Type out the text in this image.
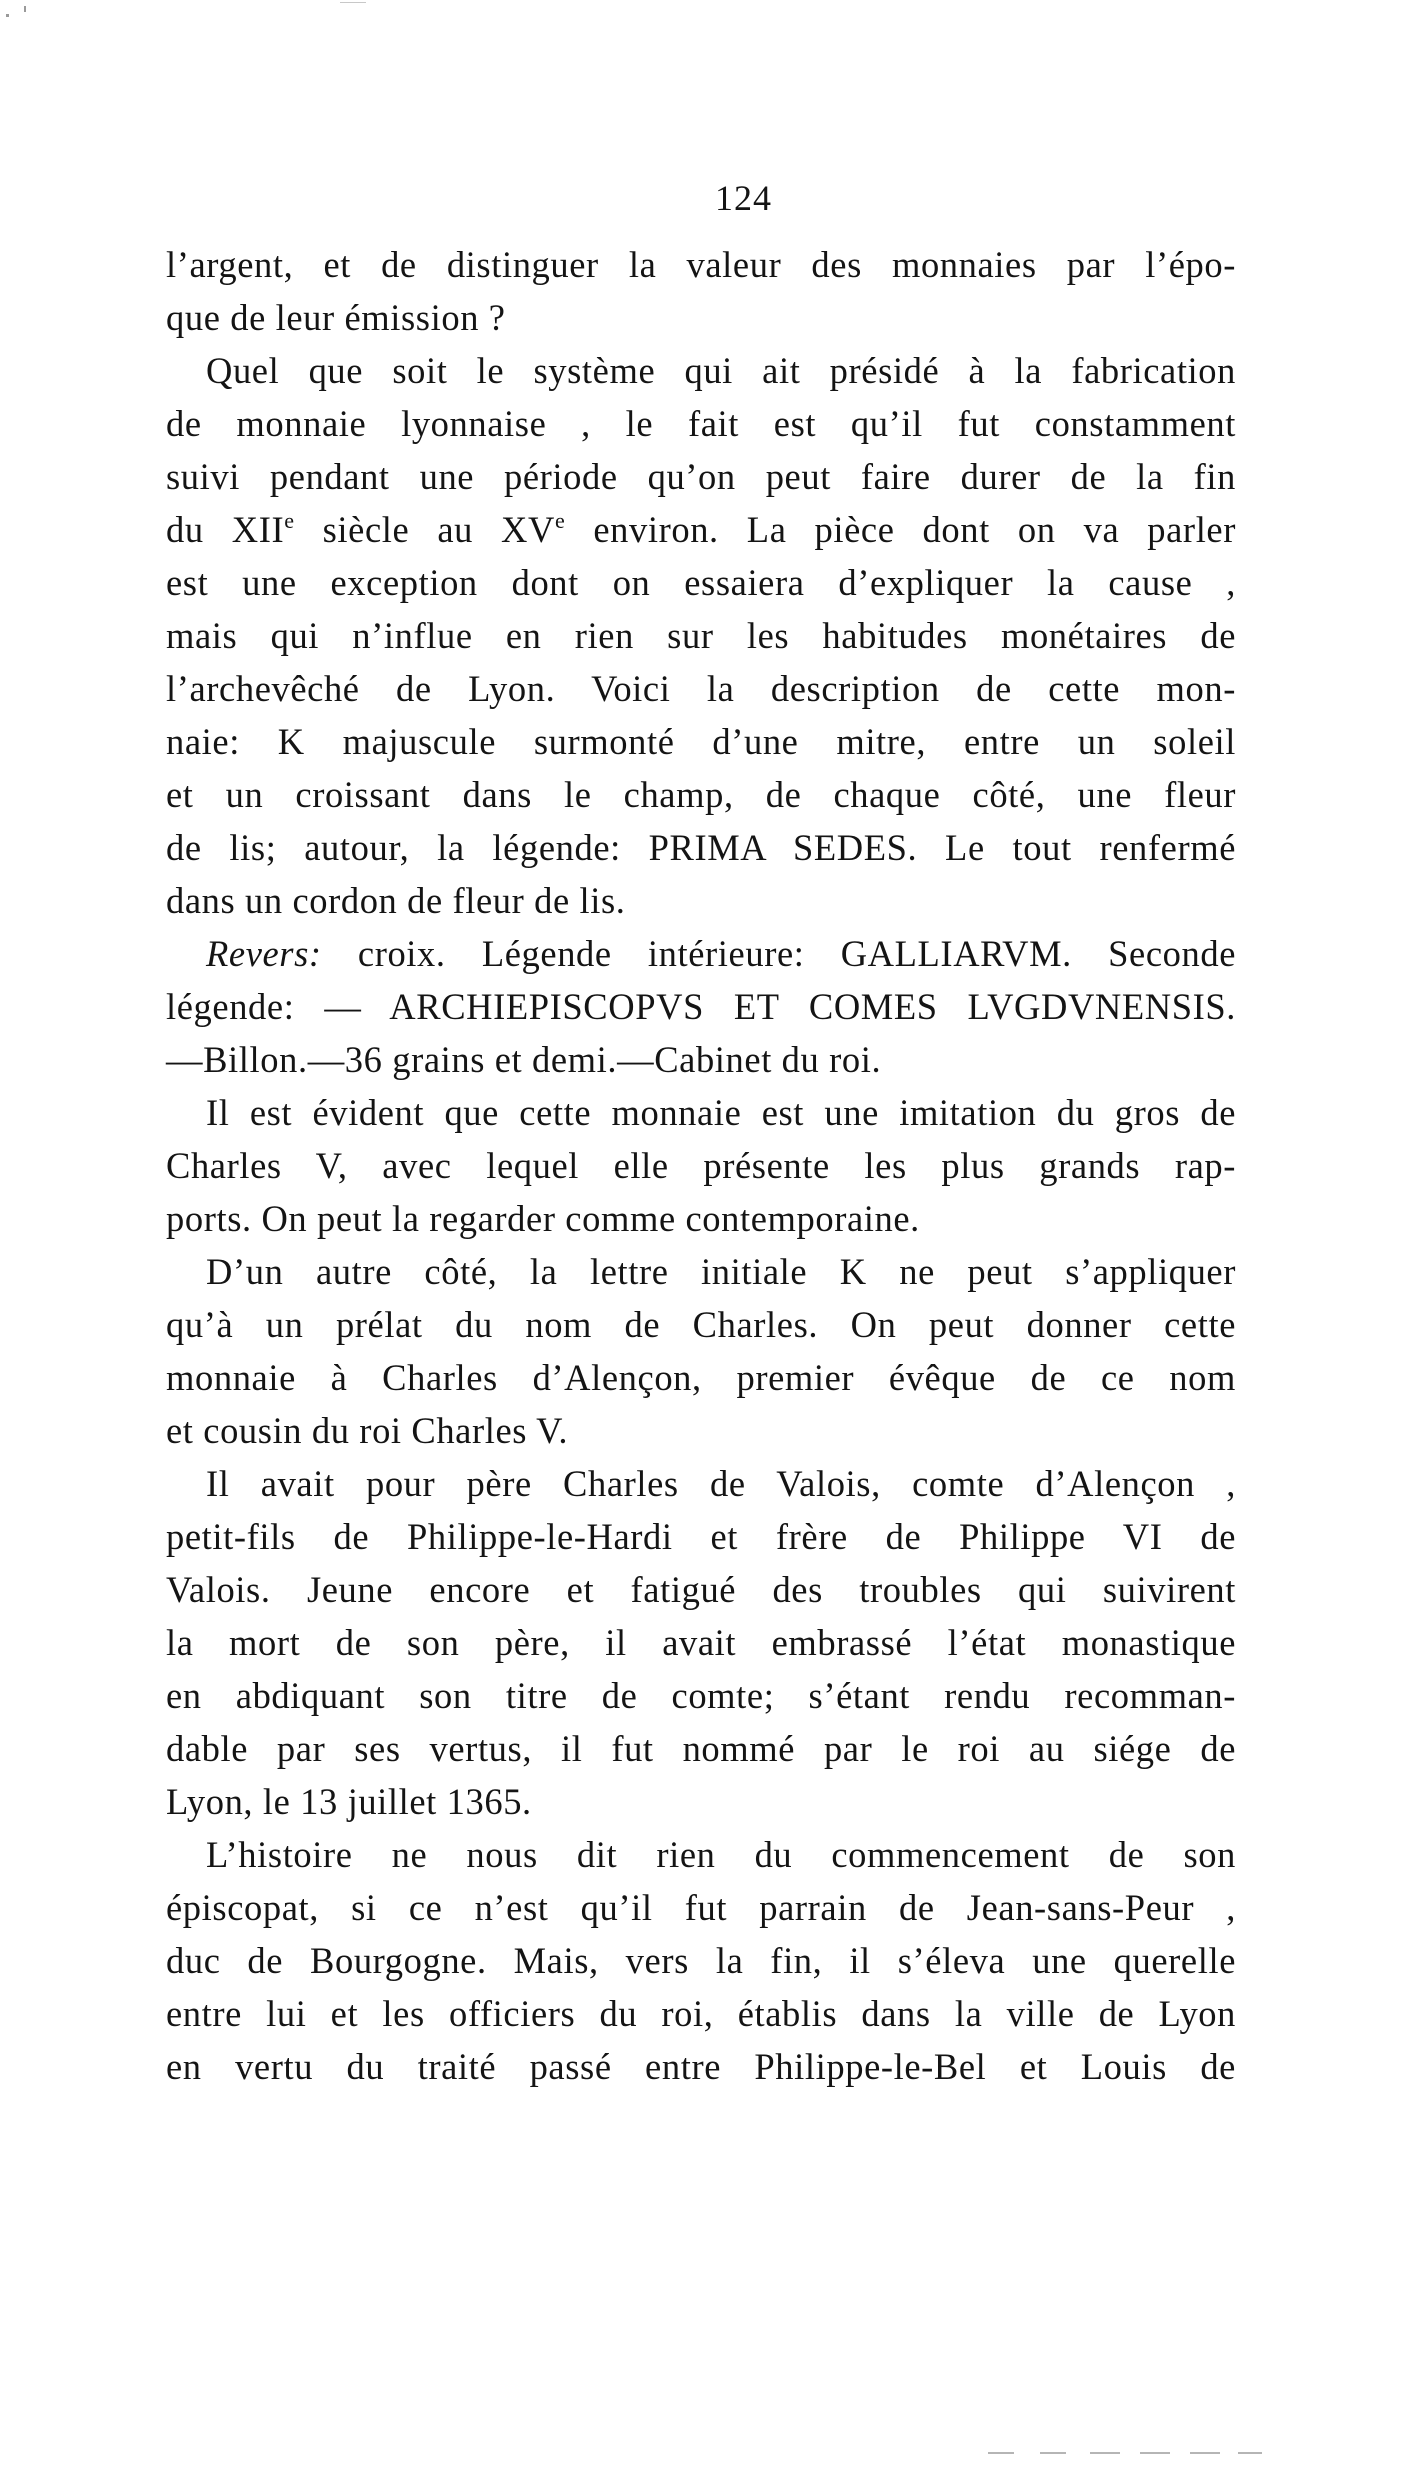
124
l’argent, et de distinguer la valeur des monnaies par l’épo-
que de leur émission ?
Quel que soit le système qui ait présidé à la fabrication
de monnaie lyonnaise , le fait est qu’il fut constamment
suivi pendant une période qu’on peut faire durer de la fin
du XIIe siècle au XVe environ. La pièce dont on va parler
est une exception dont on essaiera d’expliquer la cause ,
mais qui n’influe en rien sur les habitudes monétaires de
l’archevêché de Lyon. Voici la description de cette mon-
naie: K majuscule surmonté d’une mitre, entre un soleil
et un croissant dans le champ, de chaque côté, une fleur
de lis; autour, la légende: PRIMA SEDES. Le tout renfermé
dans un cordon de fleur de lis.
Revers: croix. Légende intérieure: GALLIARVM. Seconde
légende: — ARCHIEPISCOPVS ET COMES LVGDVNENSIS.
—Billon.—36 grains et demi.—Cabinet du roi.
Il est évident que cette monnaie est une imitation du gros de
Charles V, avec lequel elle présente les plus grands rap-
ports. On peut la regarder comme contemporaine.
D’un autre côté, la lettre initiale K ne peut s’appliquer
qu’à un prélat du nom de Charles. On peut donner cette
monnaie à Charles d’Alençon, premier évêque de ce nom
et cousin du roi Charles V.
Il avait pour père Charles de Valois, comte d’Alençon ,
petit-fils de Philippe-le-Hardi et frère de Philippe VI de
Valois. Jeune encore et fatigué des troubles qui suivirent
la mort de son père, il avait embrassé l’état monastique
en abdiquant son titre de comte; s’étant rendu recomman-
dable par ses vertus, il fut nommé par le roi au siége de
Lyon, le 13 juillet 1365.
L’histoire ne nous dit rien du commencement de son
épiscopat, si ce n’est qu’il fut parrain de Jean-sans-Peur ,
duc de Bourgogne. Mais, vers la fin, il s’éleva une querelle
entre lui et les officiers du roi, établis dans la ville de Lyon
en vertu du traité passé entre Philippe-le-Bel et Louis de
